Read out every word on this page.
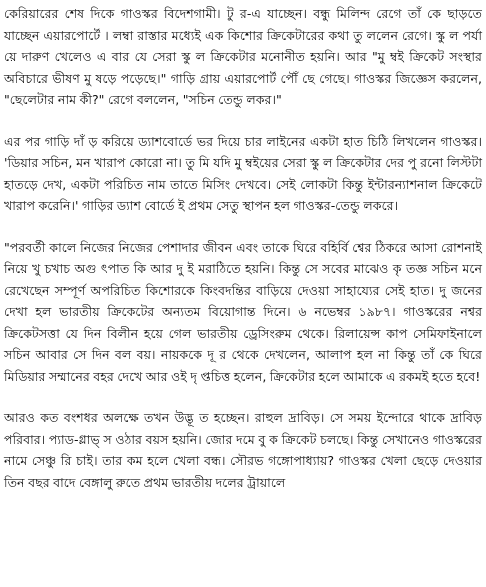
কেরিয়ারের শেষ দিকে গাওস্কর বিদেশগামী। টু র-এ যাচ্ছেন। বন্ধু মিলিন্দ রেগে তাঁ কে ছাড়তে যাচ্ছেন এয়ারপোর্টে । লম্বা রাস্তার মধ্যেই এক কিশোর ক্রিকেটারের কথা তু ললেন রেগে। স্কু ল পর্যা য়ে দারুণ খেলেও এ বার যে সেরা স্কু ল ক্রিকেটার মনোনীত হয়নি। আর "মু ম্বই ক্রিকেট সংস্থার অবিচারে ভীষণ মু ষড়ে পড়েছে।" গাড়ি গ্রায় এয়ারপোর্ট পৌঁ ছে গেছে। গাওস্কর জিজ্ঞেস করলেন, "ছেলেটার নাম কী?" রেগে বললেন, "সচিন তেন্ডু লকর।"

এর পর গাড়ি দাঁ ড় করিয়ে ড্যাশবোর্ডে ভর দিয়ে চার লাইনের একটা হাত চিঠি লিখলেন গাওস্কর। 'ডিয়ার সচিন, মন খারাপ কোরো না। তু মি যদি মু ম্বইয়ের সেরা স্কু ল ক্রিকেটার দের পু রনো লিস্টটা হাতড়ে দেখ, একটা পরিচিত নাম তাতে মিসিং দেখবে। সেই লোকটা কিন্তু ইন্টারন্যাশনাল ক্রিকেটে খারাপ করেনি।' গাড়ির ড্যাশ বোর্ডে ই প্রথম সেতু স্থাপন হল গাওস্কর-তেন্ডু লকরে।

"পরবর্তী কালে নিজের নিজের পেশাদার জীবন এবং তাকে ঘিরে বহির্বি শ্বের ঠিকরে আসা রোশনাই নিয়ে খু চখাচ অগু ৎপাত কি আর দু ই মরাঠিতে হয়নি। কিন্তু সে সবের মাঝেও কৃ তজ্ঞ সচিন মনে রেখেছেন সম্পূর্ণ অপরিচিত কিশোরকে কিংবদন্তির বাড়িয়ে দেওয়া সাহায্যের সেই হাত। দু জনের দেখা হল ভারতীয় ক্রিকেটের অন্যতম বিয়োগান্ত দিনে। ৬ নভেম্বর ১৯৮৭। গাওস্করের নশ্বর ক্রিকেটসত্তা যে দিন বিলীন হয়ে গেল ভারতীয় ড্রেসিংরুম থেকে। রিলায়েন্স কাপ সেমিফাইনালে সচিন আবার সে দিন বল বয়। নায়ককে দূ র থেকে দেখলেন, আলাপ হল না কিন্তু তাঁ কে ঘিরে মিডিয়ার সম্মানের বহর দেখে আর ওই দৃ প্তচিত্ত হলেন, ক্রিকেটার হলে আমাকে এ রকমই হতে হবে!

আরও কত বংশধর অলক্ষে তখন উদ্ভূ ত হচ্ছেন। রাহুল দ্রাবিড়। সে সময় ইন্দোরে থাকে দ্রাবিড় পরিবার। প্যাড-গ্লাভ্ স ওঠার বয়স হয়নি। জোর দমে বু ক ক্রিকেট চলছে। কিন্তু সেখানেও গাওস্করের নামে সেঞ্চু রি চাই। তার কম হলে খেলা বন্ধ। সৌরভ গঙ্গোপাধ্যায়? গাওস্কর খেলা ছেড়ে দেওয়ার তিন বছর বাদে বেঙ্গালু রুতে প্রথম ভারতীয় দলের ট্রায়ালে
